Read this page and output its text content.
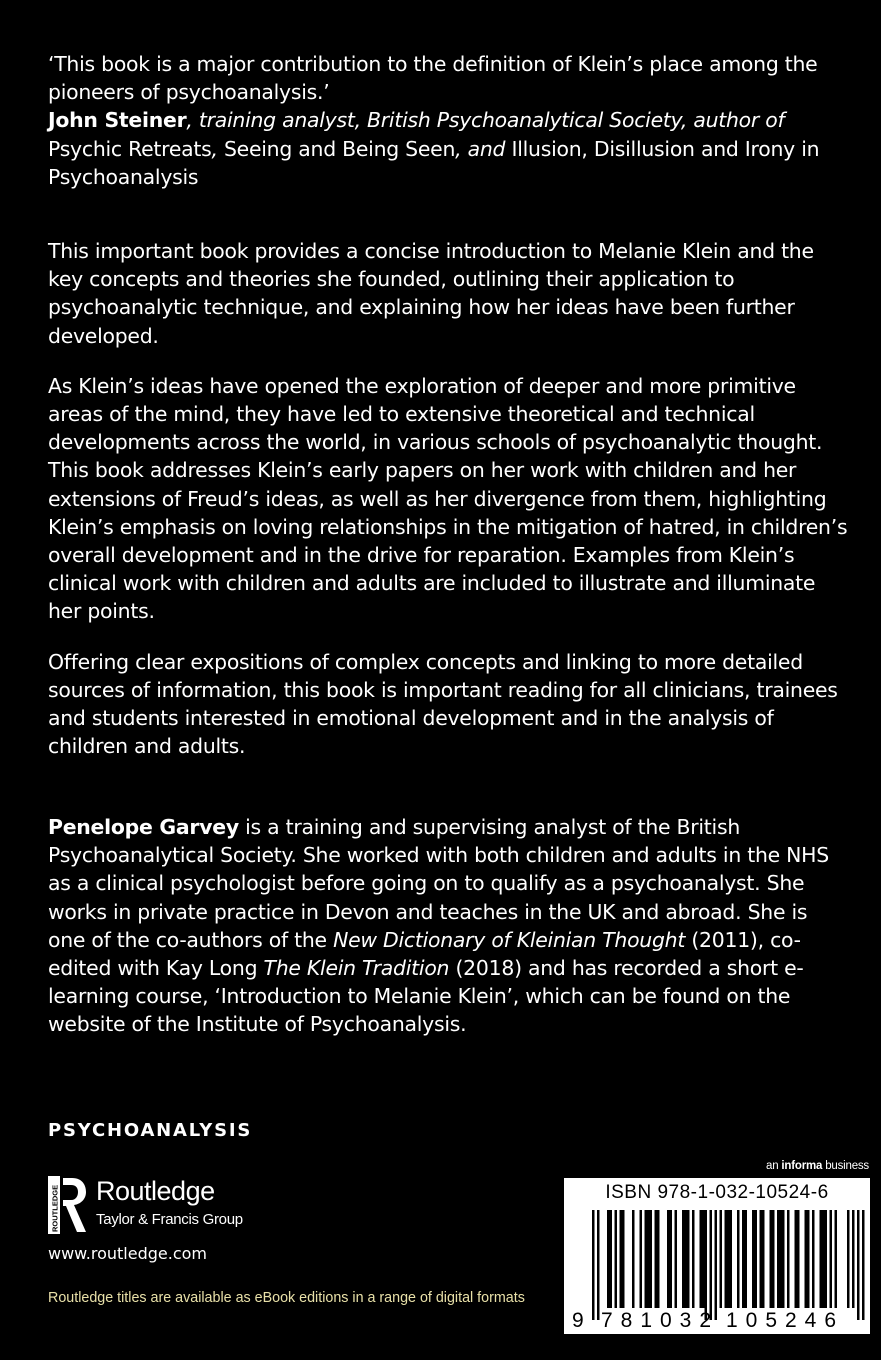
‘This book is a major contribution to the definition of Klein’s place among the pioneers of psychoanalysis.’
John Steiner, training analyst, British Psychoanalytical Society, author of
Psychic Retreats, Seeing and Being Seen, and Illusion, Disillusion and Irony in Psychoanalysis

This important book provides a concise introduction to Melanie Klein and the key concepts and theories she founded, outlining their application to psychoanalytic technique, and explaining how her ideas have been further developed.

As Klein’s ideas have opened the exploration of deeper and more primitive areas of the mind, they have led to extensive theoretical and technical developments across the world, in various schools of psychoanalytic thought. This book addresses Klein’s early papers on her work with children and her extensions of Freud’s ideas, as well as her divergence from them, highlighting Klein’s emphasis on loving relationships in the mitigation of hatred, in children’s overall development and in the drive for reparation. Examples from Klein’s clinical work with children and adults are included to illustrate and illuminate her points.

Offering clear expositions of complex concepts and linking to more detailed sources of information, this book is important reading for all clinicians, trainees and students interested in emotional development and in the analysis of children and adults.

Penelope Garvey is a training and supervising analyst of the British Psychoanalytical Society. She worked with both children and adults in the NHS as a clinical psychologist before going on to qualify as a psychoanalyst. She works in private practice in Devon and teaches in the UK and abroad. She is one of the co-authors of the New Dictionary of Kleinian Thought (2011), co-edited with Kay Long The Klein Tradition (2018) and has recorded a short e-learning course, ‘Introduction to Melanie Klein’, which can be found on the website of the Institute of Psychoanalysis.

PSYCHOANALYSIS
ROUTLEDGE Routledge
Taylor & Francis Group
www.routledge.com
Routledge titles are available as eBook editions in a range of digital formats
an informa business
ISBN 978-1-032-10524-6
9 781032 105246
